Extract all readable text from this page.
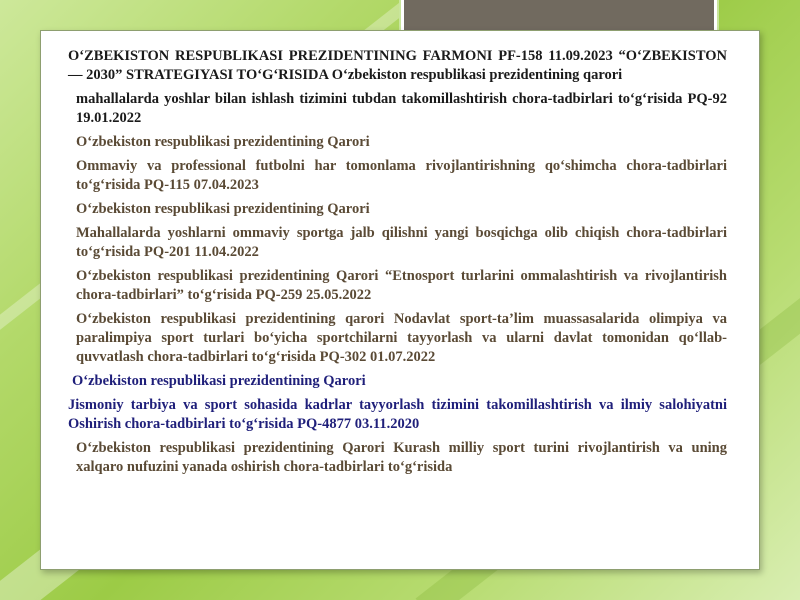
O‘ZBEKISTON RESPUBLIKASI PREZIDENTINING FARMONI PF-158 11.09.2023 “O‘ZBEKISTON — 2030” STRATEGIYASI TO‘G‘RISIDA O‘zbekiston respublikasi prezidentining qarori

mahallalarda yoshlar bilan ishlash tizimini tubdan takomillashtirish chora-tadbirlari to‘g‘risida PQ-92 19.01.2022

O‘zbekiston respublikasi prezidentining Qarori

Ommaviy va professional futbolni har tomonlama rivojlantirishning qo‘shimcha chora-tadbirlari to‘g‘risida PQ-115 07.04.2023

O‘zbekiston respublikasi prezidentining Qarori

Mahallalarda yoshlarni ommaviy sportga jalb qilishni yangi bosqichga olib chiqish chora-tadbirlari to‘g‘risida PQ-201 11.04.2022

O‘zbekiston respublikasi prezidentining Qarori “Etnosport turlarini ommalashtirish va rivojlantirish chora-tadbirlari” to‘g‘risida PQ-259 25.05.2022

O‘zbekiston respublikasi prezidentining qarori Nodavlat sport-ta’lim muassasalarida olimpiya va paralimpiya sport turlari bo‘yicha sportchilarni tayyorlash va ularni davlat tomonidan qo‘llab-quvvatlash chora-tadbirlari to‘g‘risida PQ-302 01.07.2022

O‘zbekiston respublikasi prezidentining Qarori

Jismoniy tarbiya va sport sohasida kadrlar tayyorlash tizimini takomillashtirish va ilmiy salohiyatni Oshirish chora-tadbirlari to‘g‘risida PQ-4877 03.11.2020

O‘zbekiston respublikasi prezidentining Qarori Kurash milliy sport turini rivojlantirish va uning xalqaro nufuzini yanada oshirish chora-tadbirlari to‘g‘risida
